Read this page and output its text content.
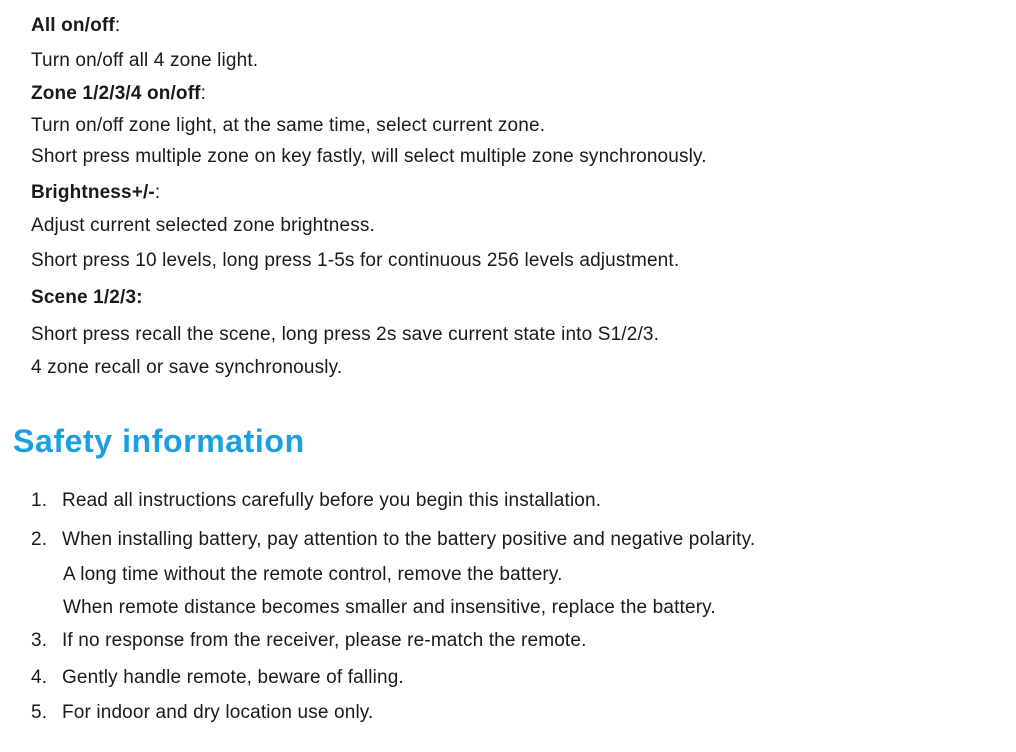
All on/off:
Turn on/off all 4 zone light.
Zone 1/2/3/4 on/off:
Turn on/off zone light, at the same time, select current zone.
Short press multiple zone on key fastly, will select multiple zone synchronously.
Brightness+/-:
Adjust current selected zone brightness.
Short press 10 levels, long press 1-5s for continuous 256 levels adjustment.
Scene 1/2/3:
Short press recall the scene, long press 2s save current state into S1/2/3.
4 zone recall or save synchronously.
Safety information
1. Read all instructions carefully before you begin this installation.
2. When installing battery, pay attention to the battery positive and negative polarity.
A long time without the remote control, remove the battery.
When remote distance becomes smaller and insensitive, replace the battery.
3. If no response from the receiver, please re-match the remote.
4. Gently handle remote, beware of falling.
5. For indoor and dry location use only.
